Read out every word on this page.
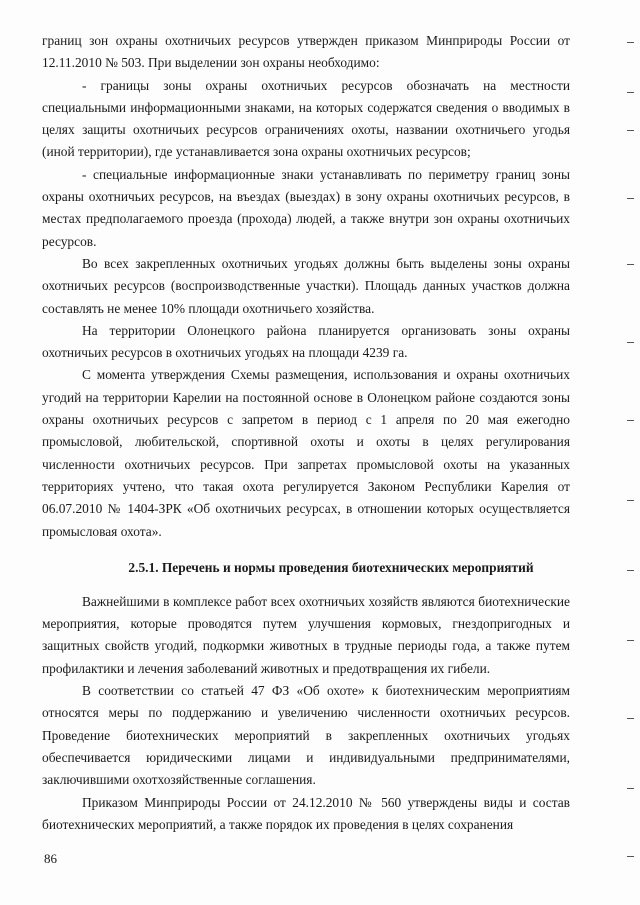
границ зон охраны охотничьих ресурсов утвержден приказом Минприроды России от 12.11.2010 № 503. При выделении зон охраны необходимо:

- границы зоны охраны охотничьих ресурсов обозначать на местности специальными информационными знаками, на которых содержатся сведения о вводимых в целях защиты охотничьих ресурсов ограничениях охоты, названии охотничьего угодья (иной территории), где устанавливается зона охраны охотничьих ресурсов;

- специальные информационные знаки устанавливать по периметру границ зоны охраны охотничьих ресурсов, на въездах (выездах) в зону охраны охотничьих ресурсов, в местах предполагаемого проезда (прохода) людей, а также внутри зон охраны охотничьих ресурсов.

Во всех закрепленных охотничьих угодьях должны быть выделены зоны охраны охотничьих ресурсов (воспроизводственные участки). Площадь данных участков должна составлять не менее 10% площади охотничьего хозяйства.

На территории Олонецкого района планируется организовать зоны охраны охотничьих ресурсов в охотничьих угодьях на площади 4239 га.

С момента утверждения Схемы размещения, использования и охраны охотничьих угодий на территории Карелии на постоянной основе в Олонецком районе создаются зоны охраны охотничьих ресурсов с запретом в период с 1 апреля по 20 мая ежегодно промысловой, любительской, спортивной охоты и охоты в целях регулирования численности охотничьих ресурсов. При запретах промысловой охоты на указанных территориях учтено, что такая охота регулируется Законом Республики Карелия от 06.07.2010 № 1404-ЗРК «Об охотничьих ресурсах, в отношении которых осуществляется промысловая охота».

2.5.1. Перечень и нормы проведения биотехнических мероприятий

Важнейшими в комплексе работ всех охотничьих хозяйств являются биотехнические мероприятия, которые проводятся путем улучшения кормовых, гнездопригодных и защитных свойств угодий, подкормки животных в трудные периоды года, а также путем профилактики и лечения заболеваний животных и предотвращения их гибели.

В соответствии со статьей 47 ФЗ «Об охоте» к биотехническим мероприятиям относятся меры по поддержанию и увеличению численности охотничьих ресурсов. Проведение биотехнических мероприятий в закрепленных охотничьих угодьях обеспечивается юридическими лицами и индивидуальными предпринимателями, заключившими охотхозяйственные соглашения.

Приказом Минприроды России от 24.12.2010 № 560 утверждены виды и состав биотехнических мероприятий, а также порядок их проведения в целях сохранения

86
